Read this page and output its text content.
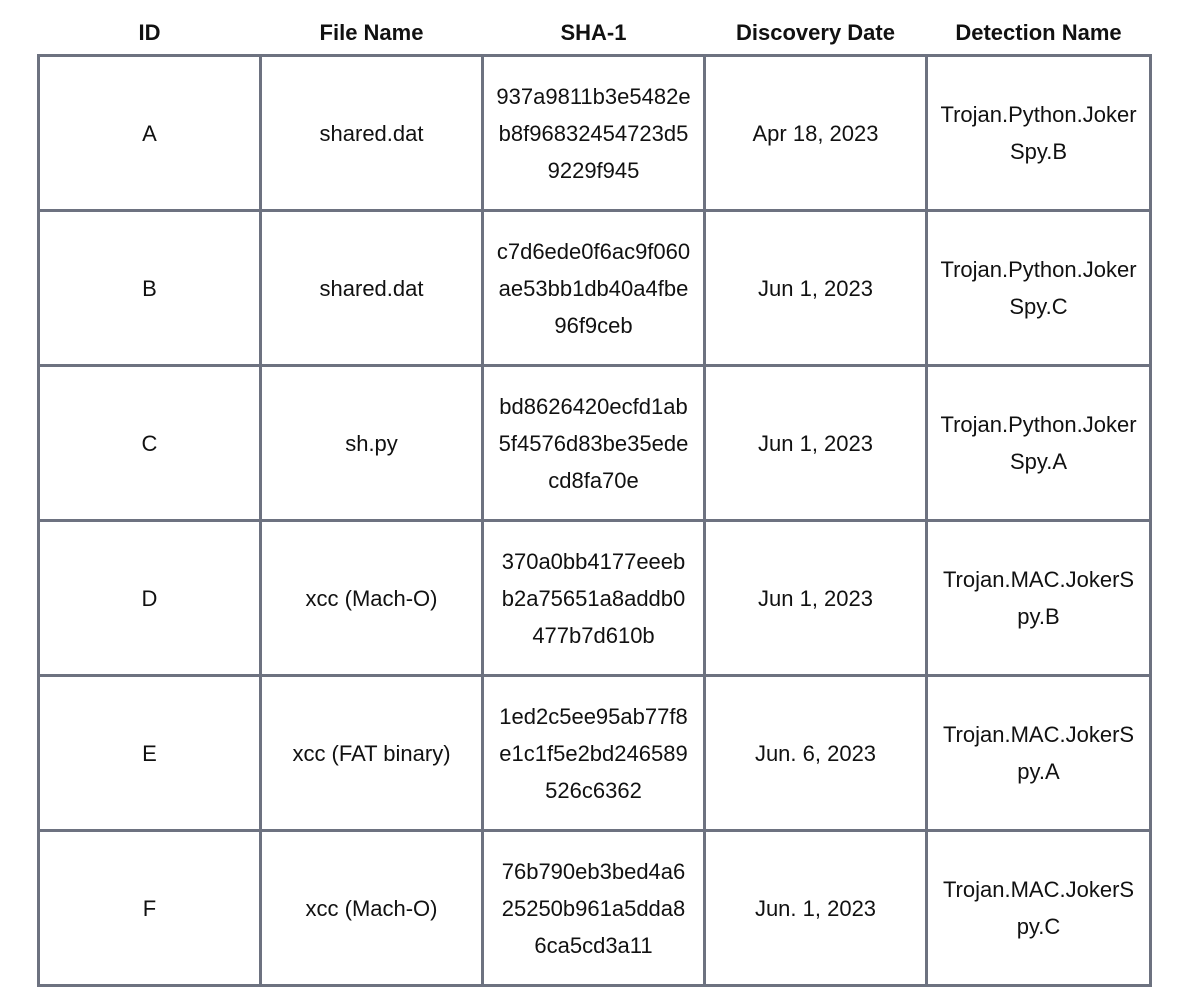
ID	File Name	SHA-1	Discovery Date	Detection Name
A	shared.dat	937a9811b3e5482eb8f96832454723d59229f945	Apr 18, 2023	Trojan.Python.JokerSpy.B
B	shared.dat	c7d6ede0f6ac9f060ae53bb1db40a4fbe96f9ceb	Jun 1, 2023	Trojan.Python.JokerSpy.C
C	sh.py	bd8626420ecfd1ab5f4576d83be35edecd8fa70e	Jun 1, 2023	Trojan.Python.JokerSpy.A
D	xcc (Mach-O)	370a0bb4177eeebb2a75651a8addb0477b7d610b	Jun 1, 2023	Trojan.MAC.JokerSpy.B
E	xcc (FAT binary)	1ed2c5ee95ab77f8e1c1f5e2bd246589526c6362	Jun. 6, 2023	Trojan.MAC.JokerSpy.A
F	xcc (Mach-O)	76b790eb3bed4a625250b961a5dda86ca5cd3a11	Jun. 1, 2023	Trojan.MAC.JokerSpy.C
